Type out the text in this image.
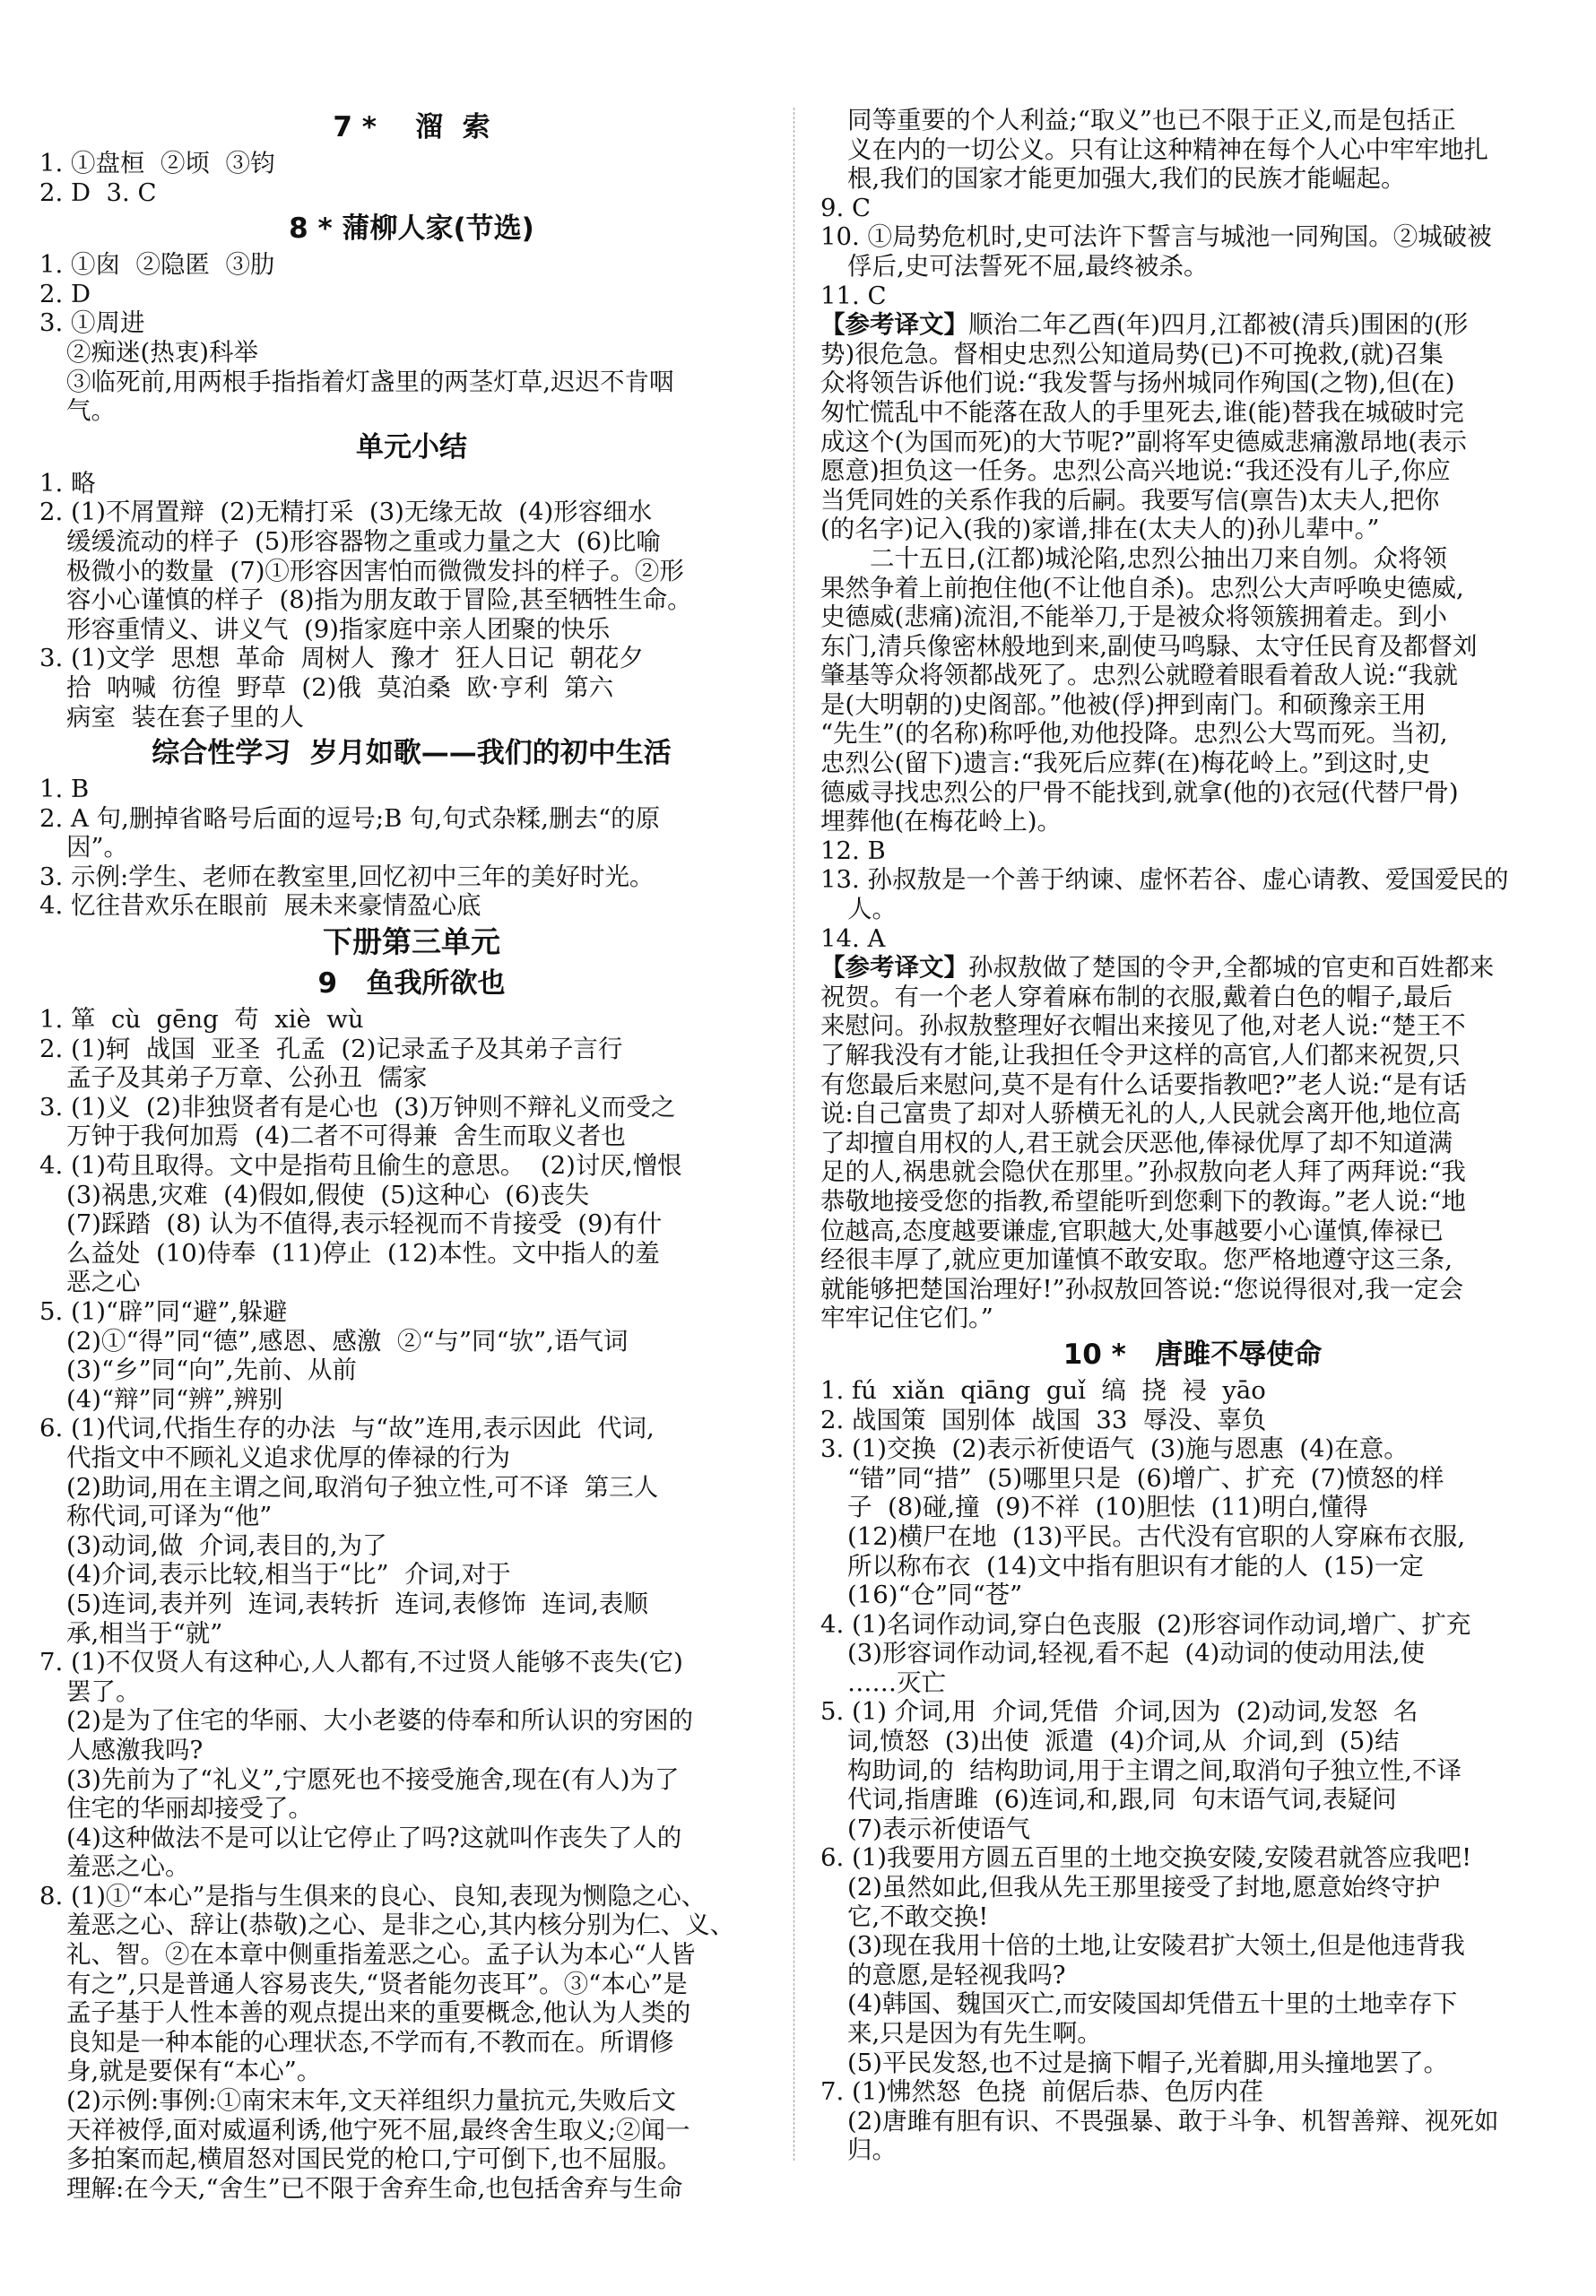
7 *    溜  索
1. ①盘桓  ②顷  ③钧
2. D  3. C
8 * 蒲柳人家(节选)
1. ①囱  ②隐匿  ③肋
2. D
3. ①周进
②痴迷(热衷)科举
③临死前,用两根手指指着灯盏里的两茎灯草,迟迟不肯咽
气。
单元小结
1. 略
2. (1)不屑置辩  (2)无精打采  (3)无缘无故  (4)形容细水
缓缓流动的样子  (5)形容器物之重或力量之大  (6)比喻
极微小的数量  (7)①形容因害怕而微微发抖的样子。②形
容小心谨慎的样子  (8)指为朋友敢于冒险,甚至牺牲生命。
形容重情义、讲义气  (9)指家庭中亲人团聚的快乐
3. (1)文学  思想  革命  周树人  豫才  狂人日记  朝花夕
拾  呐喊  彷徨  野草  (2)俄  莫泊桑  欧·亨利  第六
病室  装在套子里的人
综合性学习  岁月如歌——我们的初中生活
1. B
2. A 句,删掉省略号后面的逗号;B 句,句式杂糅,删去“的原
因”。
3. 示例:学生、老师在教室里,回忆初中三年的美好时光。
4. 忆往昔欢乐在眼前  展未来豪情盈心底
下册第三单元
9   鱼我所欲也
1. 箪  cù  gēng  苟  xiè  wù
2. (1)轲  战国  亚圣  孔孟  (2)记录孟子及其弟子言行
孟子及其弟子万章、公孙丑  儒家
3. (1)义  (2)非独贤者有是心也  (3)万钟则不辩礼义而受之
万钟于我何加焉  (4)二者不可得兼  舍生而取义者也
4. (1)苟且取得。文中是指苟且偷生的意思。  (2)讨厌,憎恨
(3)祸患,灾难  (4)假如,假使  (5)这种心  (6)丧失
(7)踩踏  (8) 认为不值得,表示轻视而不肯接受  (9)有什
么益处  (10)侍奉  (11)停止  (12)本性。文中指人的羞
恶之心
5. (1)“辟”同“避”,躲避
(2)①“得”同“德”,感恩、感激  ②“与”同“欤”,语气词
(3)“乡”同“向”,先前、从前
(4)“辩”同“辨”,辨别
6. (1)代词,代指生存的办法  与“故”连用,表示因此  代词,
代指文中不顾礼义追求优厚的俸禄的行为
(2)助词,用在主谓之间,取消句子独立性,可不译  第三人
称代词,可译为“他”
(3)动词,做  介词,表目的,为了
(4)介词,表示比较,相当于“比”  介词,对于
(5)连词,表并列  连词,表转折  连词,表修饰  连词,表顺
承,相当于“就”
7. (1)不仅贤人有这种心,人人都有,不过贤人能够不丧失(它)
罢了。
(2)是为了住宅的华丽、大小老婆的侍奉和所认识的穷困的
人感激我吗?
(3)先前为了“礼义”,宁愿死也不接受施舍,现在(有人)为了
住宅的华丽却接受了。
(4)这种做法不是可以让它停止了吗?这就叫作丧失了人的
羞恶之心。
8. (1)①“本心”是指与生俱来的良心、良知,表现为恻隐之心、
羞恶之心、辞让(恭敬)之心、是非之心,其内核分别为仁、义、
礼、智。②在本章中侧重指羞恶之心。孟子认为本心“人皆
有之”,只是普通人容易丧失,“贤者能勿丧耳”。③“本心”是
孟子基于人性本善的观点提出来的重要概念,他认为人类的
良知是一种本能的心理状态,不学而有,不教而在。所谓修
身,就是要保有“本心”。
(2)示例:事例:①南宋末年,文天祥组织力量抗元,失败后文
天祥被俘,面对威逼利诱,他宁死不屈,最终舍生取义;②闻一
多拍案而起,横眉怒对国民党的枪口,宁可倒下,也不屈服。
理解:在今天,“舍生”已不限于舍弃生命,也包括舍弃与生命
同等重要的个人利益;“取义”也已不限于正义,而是包括正
义在内的一切公义。只有让这种精神在每个人心中牢牢地扎
根,我们的国家才能更加强大,我们的民族才能崛起。
9. C
10. ①局势危机时,史可法许下誓言与城池一同殉国。②城破被
俘后,史可法誓死不屈,最终被杀。
11. C
【参考译文】顺治二年乙酉(年)四月,江都被(清兵)围困的(形
势)很危急。督相史忠烈公知道局势(已)不可挽救,(就)召集
众将领告诉他们说:“我发誓与扬州城同作殉国(之物),但(在)
匆忙慌乱中不能落在敌人的手里死去,谁(能)替我在城破时完
成这个(为国而死)的大节呢?”副将军史德威悲痛激昂地(表示
愿意)担负这一任务。忠烈公高兴地说:“我还没有儿子,你应
当凭同姓的关系作我的后嗣。我要写信(禀告)太夫人,把你
(的名字)记入(我的)家谱,排在(太夫人的)孙儿辈中。”
二十五日,(江都)城沦陷,忠烈公抽出刀来自刎。众将领
果然争着上前抱住他(不让他自杀)。忠烈公大声呼唤史德威,
史德威(悲痛)流泪,不能举刀,于是被众将领簇拥着走。到小
东门,清兵像密林般地到来,副使马鸣騄、太守任民育及都督刘
肇基等众将领都战死了。忠烈公就瞪着眼看着敌人说:“我就
是(大明朝的)史阁部。”他被(俘)押到南门。和硕豫亲王用
“先生”(的名称)称呼他,劝他投降。忠烈公大骂而死。当初,
忠烈公(留下)遗言:“我死后应葬(在)梅花岭上。”到这时,史
德威寻找忠烈公的尸骨不能找到,就拿(他的)衣冠(代替尸骨)
埋葬他(在梅花岭上)。
12. B
13. 孙叔敖是一个善于纳谏、虚怀若谷、虚心请教、爱国爱民的
人。
14. A
【参考译文】孙叔敖做了楚国的令尹,全都城的官吏和百姓都来
祝贺。有一个老人穿着麻布制的衣服,戴着白色的帽子,最后
来慰问。孙叔敖整理好衣帽出来接见了他,对老人说:“楚王不
了解我没有才能,让我担任令尹这样的高官,人们都来祝贺,只
有您最后来慰问,莫不是有什么话要指教吧?”老人说:“是有话
说:自己富贵了却对人骄横无礼的人,人民就会离开他,地位高
了却擅自用权的人,君王就会厌恶他,俸禄优厚了却不知道满
足的人,祸患就会隐伏在那里。”孙叔敖向老人拜了两拜说:“我
恭敬地接受您的指教,希望能听到您剩下的教诲。”老人说:“地
位越高,态度越要谦虚,官职越大,处事越要小心谨慎,俸禄已
经很丰厚了,就应更加谨慎不敢安取。您严格地遵守这三条,
就能够把楚国治理好!”孙叔敖回答说:“您说得很对,我一定会
牢牢记住它们。”
10 *   唐雎不辱使命
1. fú  xiǎn  qiāng  guǐ  缟  挠  祲  yāo
2. 战国策  国别体  战国  33  辱没、辜负
3. (1)交换  (2)表示祈使语气  (3)施与恩惠  (4)在意。
“错”同“措”  (5)哪里只是  (6)增广、扩充  (7)愤怒的样
子  (8)碰,撞  (9)不祥  (10)胆怯  (11)明白,懂得
(12)横尸在地  (13)平民。古代没有官职的人穿麻布衣服,
所以称布衣  (14)文中指有胆识有才能的人  (15)一定
(16)“仓”同“苍”
4. (1)名词作动词,穿白色丧服  (2)形容词作动词,增广、扩充
(3)形容词作动词,轻视,看不起  (4)动词的使动用法,使
……灭亡
5. (1) 介词,用  介词,凭借  介词,因为  (2)动词,发怒  名
词,愤怒  (3)出使  派遣  (4)介词,从  介词,到  (5)结
构助词,的  结构助词,用于主谓之间,取消句子独立性,不译
代词,指唐雎  (6)连词,和,跟,同  句末语气词,表疑问
(7)表示祈使语气
6. (1)我要用方圆五百里的土地交换安陵,安陵君就答应我吧!
(2)虽然如此,但我从先王那里接受了封地,愿意始终守护
它,不敢交换!
(3)现在我用十倍的土地,让安陵君扩大领土,但是他违背我
的意愿,是轻视我吗?
(4)韩国、魏国灭亡,而安陵国却凭借五十里的土地幸存下
来,只是因为有先生啊。
(5)平民发怒,也不过是摘下帽子,光着脚,用头撞地罢了。
7. (1)怫然怒  色挠  前倨后恭、色厉内荏
(2)唐雎有胆有识、不畏强暴、敢于斗争、机智善辩、视死如
归。
